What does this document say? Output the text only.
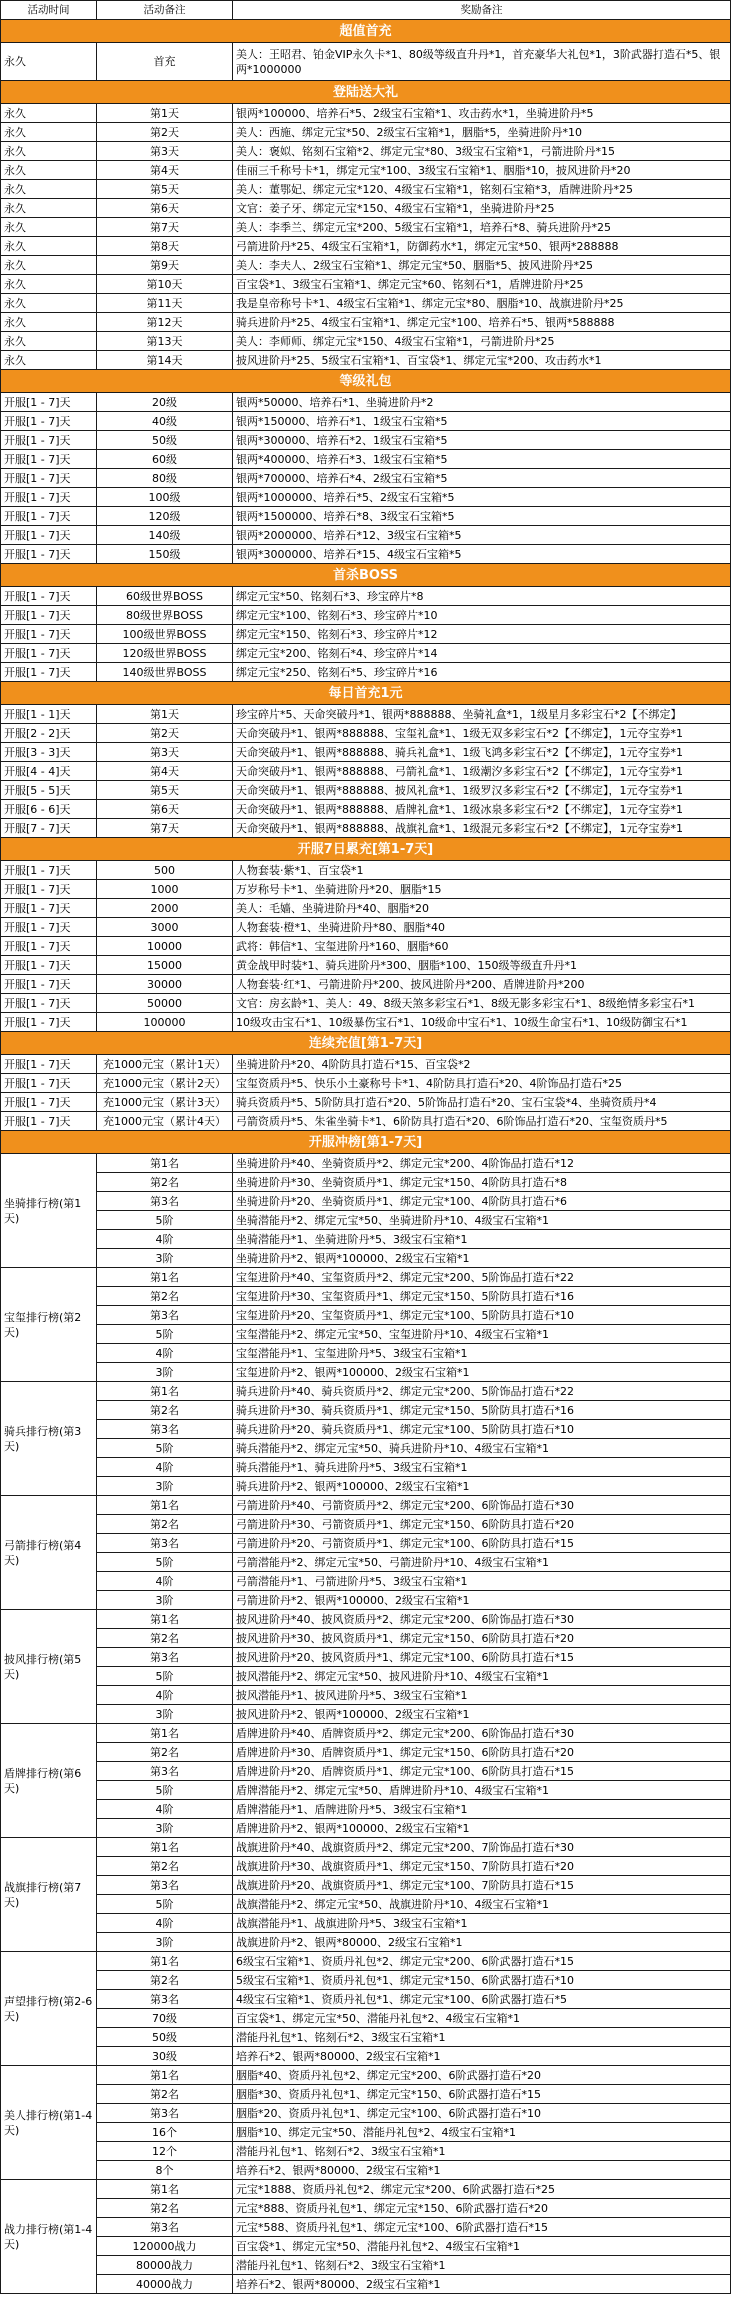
活动时间	活动备注	奖励备注
超值首充		
永久	首充	美人：王昭君、铂金VIP永久卡*1、80级等级直升丹*1，首充豪华大礼包*1，3阶武器打造石*5、银两*1000000
登陆送大礼		
永久	第1天	银两*100000、培养石*5、2级宝石宝箱*1、攻击药水*1，坐骑进阶丹*5
永久	第2天	美人：西施、绑定元宝*50、2级宝石宝箱*1，胭脂*5，坐骑进阶丹*10
永久	第3天	美人：褒姒、铭刻石宝箱*2、绑定元宝*80、3级宝石宝箱*1，弓箭进阶丹*15
永久	第4天	佳丽三千称号卡*1，绑定元宝*100、3级宝石宝箱*1、胭脂*10，披风进阶丹*20
永久	第5天	美人：董鄂妃、绑定元宝*120、4级宝石宝箱*1，铭刻石宝箱*3，盾牌进阶丹*25
永久	第6天	文官：姜子牙、绑定元宝*150、4级宝石宝箱*1，坐骑进阶丹*25
永久	第7天	美人：李季兰、绑定元宝*200、5级宝石宝箱*1，培养石*8、骑兵进阶丹*25
永久	第8天	弓箭进阶丹*25、4级宝石宝箱*1，防御药水*1，绑定元宝*50、银两*288888
永久	第9天	美人：李夫人、2级宝石宝箱*1、绑定元宝*50、胭脂*5、披风进阶丹*25
永久	第10天	百宝袋*1、3级宝石宝箱*1、绑定元宝*60、铭刻石*1，盾牌进阶丹*25
永久	第11天	我是皇帝称号卡*1、4级宝石宝箱*1、绑定元宝*80、胭脂*10、战旗进阶丹*25
永久	第12天	骑兵进阶丹*25、4级宝石宝箱*1、绑定元宝*100、培养石*5、银两*588888
永久	第13天	美人：李师师、绑定元宝*150、4级宝石宝箱*1，弓箭进阶丹*25
永久	第14天	披风进阶丹*25、5级宝石宝箱*1、百宝袋*1、绑定元宝*200、攻击药水*1
等级礼包		
开服[1 - 7]天	20级	银两*50000、培养石*1、坐骑进阶丹*2
开服[1 - 7]天	40级	银两*150000、培养石*1、1级宝石宝箱*5
开服[1 - 7]天	50级	银两*300000、培养石*2、1级宝石宝箱*5
开服[1 - 7]天	60级	银两*400000、培养石*3、1级宝石宝箱*5
开服[1 - 7]天	80级	银两*700000、培养石*4、2级宝石宝箱*5
开服[1 - 7]天	100级	银两*1000000、培养石*5、2级宝石宝箱*5
开服[1 - 7]天	120级	银两*1500000、培养石*8、3级宝石宝箱*5
开服[1 - 7]天	140级	银两*2000000、培养石*12、3级宝石宝箱*5
开服[1 - 7]天	150级	银两*3000000、培养石*15、4级宝石宝箱*5
首杀BOSS		
开服[1 - 7]天	60级世界BOSS	绑定元宝*50、铭刻石*3、珍宝碎片*8
开服[1 - 7]天	80级世界BOSS	绑定元宝*100、铭刻石*3、珍宝碎片*10
开服[1 - 7]天	100级世界BOSS	绑定元宝*150、铭刻石*3、珍宝碎片*12
开服[1 - 7]天	120级世界BOSS	绑定元宝*200、铭刻石*4、珍宝碎片*14
开服[1 - 7]天	140级世界BOSS	绑定元宝*250、铭刻石*5、珍宝碎片*16
每日首充1元		
开服[1 - 1]天	第1天	珍宝碎片*5、天命突破丹*1、银两*888888、坐骑礼盒*1，1级星月多彩宝石*2【不绑定】
开服[2 - 2]天	第2天	天命突破丹*1、银两*888888、宝玺礼盒*1、1级无双多彩宝石*2【不绑定】，1元夺宝券*1
开服[3 - 3]天	第3天	天命突破丹*1、银两*888888、骑兵礼盒*1、1级飞鸿多彩宝石*2【不绑定】，1元夺宝券*1
开服[4 - 4]天	第4天	天命突破丹*1、银两*888888、弓箭礼盒*1、1级潮汐多彩宝石*2【不绑定】，1元夺宝券*1
开服[5 - 5]天	第5天	天命突破丹*1、银两*888888、披风礼盒*1、1级罗汉多彩宝石*2【不绑定】，1元夺宝券*1
开服[6 - 6]天	第6天	天命突破丹*1、银两*888888、盾牌礼盒*1、1级冰泉多彩宝石*2【不绑定】，1元夺宝券*1
开服[7 - 7]天	第7天	天命突破丹*1、银两*888888、战旗礼盒*1、1级混元多彩宝石*2【不绑定】，1元夺宝券*1
开服7日累充[第1-7天]		
开服[1 - 7]天	500	人物套装·紫*1、百宝袋*1
开服[1 - 7]天	1000	万岁称号卡*1、坐骑进阶丹*20、胭脂*15
开服[1 - 7]天	2000	美人：毛嫱、坐骑进阶丹*40、胭脂*20
开服[1 - 7]天	3000	人物套装·橙*1、坐骑进阶丹*80、胭脂*40
开服[1 - 7]天	10000	武将：韩信*1、宝玺进阶丹*160、胭脂*60
开服[1 - 7]天	15000	黄金战甲时装*1、骑兵进阶丹*300、胭脂*100、150级等级直升丹*1
开服[1 - 7]天	30000	人物套装·红*1、弓箭进阶丹*200、披风进阶丹*200、盾牌进阶丹*200
开服[1 - 7]天	50000	文官：房玄龄*1、美人：49、8级天煞多彩宝石*1、8级无影多彩宝石*1、8级绝情多彩宝石*1
开服[1 - 7]天	100000	10级攻击宝石*1、10级暴伤宝石*1、10级命中宝石*1、10级生命宝石*1、10级防御宝石*1
连续充值[第1-7天]		
开服[1 - 7]天	充1000元宝（累计1天）	坐骑进阶丹*20、4阶防具打造石*15、百宝袋*2
开服[1 - 7]天	充1000元宝（累计2天）	宝玺资质丹*5、快乐小土豪称号卡*1、4阶防具打造石*20、4阶饰品打造石*25
开服[1 - 7]天	充1000元宝（累计3天）	骑兵资质丹*5、5阶防具打造石*20、5阶饰品打造石*20、宝石宝袋*4、坐骑资质丹*4
开服[1 - 7]天	充1000元宝（累计4天）	弓箭资质丹*5、朱雀坐骑卡*1、6阶防具打造石*20、6阶饰品打造石*20、宝玺资质丹*5
开服冲榜[第1-7天]		
坐骑排行榜(第1天)	第1名	坐骑进阶丹*40、坐骑资质丹*2、绑定元宝*200、4阶饰品打造石*12
	第2名	坐骑进阶丹*30、坐骑资质丹*1、绑定元宝*150、4阶防具打造石*8
	第3名	坐骑进阶丹*20、坐骑资质丹*1、绑定元宝*100、4阶防具打造石*6
	5阶	坐骑潜能丹*2、绑定元宝*50、坐骑进阶丹*10、4级宝石宝箱*1
	4阶	坐骑潜能丹*1、坐骑进阶丹*5、3级宝石宝箱*1
	3阶	坐骑进阶丹*2、银两*100000、2级宝石宝箱*1
宝玺排行榜(第2天)	第1名	宝玺进阶丹*40、宝玺资质丹*2、绑定元宝*200、5阶饰品打造石*22
	第2名	宝玺进阶丹*30、宝玺资质丹*1、绑定元宝*150、5阶防具打造石*16
	第3名	宝玺进阶丹*20、宝玺资质丹*1、绑定元宝*100、5阶防具打造石*10
	5阶	宝玺潜能丹*2、绑定元宝*50、宝玺进阶丹*10、4级宝石宝箱*1
	4阶	宝玺潜能丹*1、宝玺进阶丹*5、3级宝石宝箱*1
	3阶	宝玺进阶丹*2、银两*100000、2级宝石宝箱*1
骑兵排行榜(第3天)	第1名	骑兵进阶丹*40、骑兵资质丹*2、绑定元宝*200、5阶饰品打造石*22
	第2名	骑兵进阶丹*30、骑兵资质丹*1、绑定元宝*150、5阶防具打造石*16
	第3名	骑兵进阶丹*20、骑兵资质丹*1、绑定元宝*100、5阶防具打造石*10
	5阶	骑兵潜能丹*2、绑定元宝*50、骑兵进阶丹*10、4级宝石宝箱*1
	4阶	骑兵潜能丹*1、骑兵进阶丹*5、3级宝石宝箱*1
	3阶	骑兵进阶丹*2、银两*100000、2级宝石宝箱*1
弓箭排行榜(第4天)	第1名	弓箭进阶丹*40、弓箭资质丹*2、绑定元宝*200、6阶饰品打造石*30
	第2名	弓箭进阶丹*30、弓箭资质丹*1、绑定元宝*150、6阶防具打造石*20
	第3名	弓箭进阶丹*20、弓箭资质丹*1、绑定元宝*100、6阶防具打造石*15
	5阶	弓箭潜能丹*2、绑定元宝*50、弓箭进阶丹*10、4级宝石宝箱*1
	4阶	弓箭潜能丹*1、弓箭进阶丹*5、3级宝石宝箱*1
	3阶	弓箭进阶丹*2、银两*100000、2级宝石宝箱*1
披风排行榜(第5天)	第1名	披风进阶丹*40、披风资质丹*2、绑定元宝*200、6阶饰品打造石*30
	第2名	披风进阶丹*30、披风资质丹*1、绑定元宝*150、6阶防具打造石*20
	第3名	披风进阶丹*20、披风资质丹*1、绑定元宝*100、6阶防具打造石*15
	5阶	披风潜能丹*2、绑定元宝*50、披风进阶丹*10、4级宝石宝箱*1
	4阶	披风潜能丹*1、披风进阶丹*5、3级宝石宝箱*1
	3阶	披风进阶丹*2、银两*100000、2级宝石宝箱*1
盾牌排行榜(第6天)	第1名	盾牌进阶丹*40、盾牌资质丹*2、绑定元宝*200、6阶饰品打造石*30
	第2名	盾牌进阶丹*30、盾牌资质丹*1、绑定元宝*150、6阶防具打造石*20
	第3名	盾牌进阶丹*20、盾牌资质丹*1、绑定元宝*100、6阶防具打造石*15
	5阶	盾牌潜能丹*2、绑定元宝*50、盾牌进阶丹*10、4级宝石宝箱*1
	4阶	盾牌潜能丹*1、盾牌进阶丹*5、3级宝石宝箱*1
	3阶	盾牌进阶丹*2、银两*100000、2级宝石宝箱*1
战旗排行榜(第7天)	第1名	战旗进阶丹*40、战旗资质丹*2、绑定元宝*200、7阶饰品打造石*30
	第2名	战旗进阶丹*30、战旗资质丹*1、绑定元宝*150、7阶防具打造石*20
	第3名	战旗进阶丹*20、战旗资质丹*1、绑定元宝*100、7阶防具打造石*15
	5阶	战旗潜能丹*2、绑定元宝*50、战旗进阶丹*10、4级宝石宝箱*1
	4阶	战旗潜能丹*1、战旗进阶丹*5、3级宝石宝箱*1
	3阶	战旗进阶丹*2、银两*80000、2级宝石宝箱*1
声望排行榜(第2-6天)	第1名	6级宝石宝箱*1、资质丹礼包*2、绑定元宝*200、6阶武器打造石*15
	第2名	5级宝石宝箱*1、资质丹礼包*1、绑定元宝*150、6阶武器打造石*10
	第3名	4级宝石宝箱*1、资质丹礼包*1、绑定元宝*100、6阶武器打造石*5
	70级	百宝袋*1、绑定元宝*50、潜能丹礼包*2、4级宝石宝箱*1
	50级	潜能丹礼包*1、铭刻石*2、3级宝石宝箱*1
	30级	培养石*2、银两*80000、2级宝石宝箱*1
美人排行榜(第1-4天)	第1名	胭脂*40、资质丹礼包*2、绑定元宝*200、6阶武器打造石*20
	第2名	胭脂*30、资质丹礼包*1、绑定元宝*150、6阶武器打造石*15
	第3名	胭脂*20、资质丹礼包*1、绑定元宝*100、6阶武器打造石*10
	16个	胭脂*10、绑定元宝*50、潜能丹礼包*2、4级宝石宝箱*1
	12个	潜能丹礼包*1、铭刻石*2、3级宝石宝箱*1
	8个	培养石*2、银两*80000、2级宝石宝箱*1
战力排行榜(第1-4天)	第1名	元宝*1888、资质丹礼包*2、绑定元宝*200、6阶武器打造石*25
	第2名	元宝*888、资质丹礼包*1、绑定元宝*150、6阶武器打造石*20
	第3名	元宝*588、资质丹礼包*1、绑定元宝*100、6阶武器打造石*15
	120000战力	百宝袋*1、绑定元宝*50、潜能丹礼包*2、4级宝石宝箱*1
	80000战力	潜能丹礼包*1、铭刻石*2、3级宝石宝箱*1
	40000战力	培养石*2、银两*80000、2级宝石宝箱*1
